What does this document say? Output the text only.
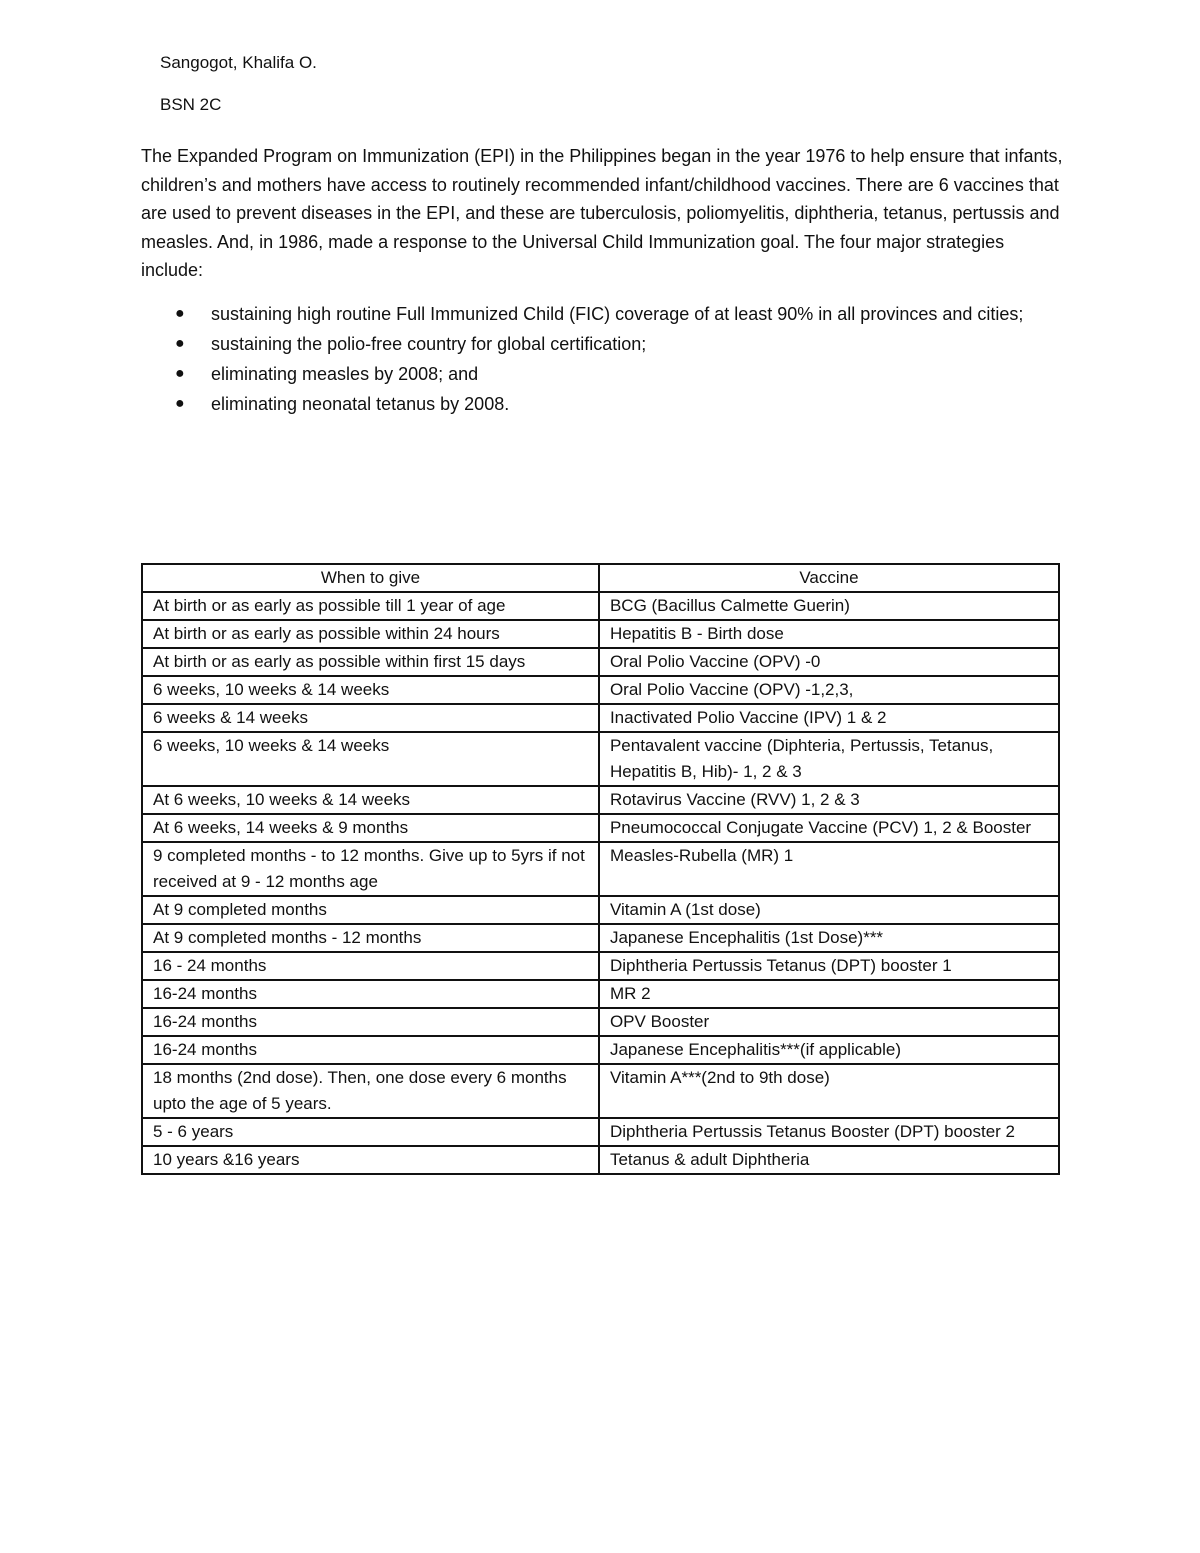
Sangogot, Khalifa O.

BSN 2C

The Expanded Program on Immunization (EPI) in the Philippines began in the year 1976 to help ensure that infants, children’s and mothers have access to routinely recommended infant/childhood vaccines. There are 6 vaccines that are used to prevent diseases in the EPI, and these are tuberculosis, poliomyelitis, diphtheria, tetanus, pertussis and measles. And, in 1986, made a response to the Universal Child Immunization goal. The four major strategies include:

● sustaining high routine Full Immunized Child (FIC) coverage of at least 90% in all provinces and cities;
● sustaining the polio-free country for global certification;
● eliminating measles by 2008; and
● eliminating neonatal tetanus by 2008.
When to give	Vaccine
At birth or as early as possible till 1 year of age	BCG (Bacillus Calmette Guerin)
At birth or as early as possible within 24 hours	Hepatitis B - Birth dose
At birth or as early as possible within first 15 days	Oral Polio Vaccine (OPV) -0
6 weeks, 10 weeks & 14 weeks	Oral Polio Vaccine (OPV) -1,2,3,
6 weeks & 14 weeks	Inactivated Polio Vaccine (IPV) 1 & 2
6 weeks, 10 weeks & 14 weeks	Pentavalent vaccine (Diphteria, Pertussis, Tetanus, Hepatitis B, Hib)- 1, 2 & 3
At 6 weeks, 10 weeks & 14 weeks	Rotavirus Vaccine (RVV) 1, 2 & 3
At 6 weeks, 14 weeks & 9 months	Pneumococcal Conjugate Vaccine (PCV) 1, 2 & Booster
9 completed months - to 12 months. Give up to 5yrs if not received at 9 - 12 months age	Measles-Rubella (MR) 1
At 9 completed months	Vitamin A (1st dose)
At 9 completed months - 12 months	Japanese Encephalitis (1st Dose)***
16 - 24 months	Diphtheria Pertussis Tetanus (DPT) booster 1
16-24 months	MR 2
16-24 months	OPV Booster
16-24 months	Japanese Encephalitis***(if applicable)
18 months (2nd dose). Then, one dose every 6 months upto the age of 5 years.	Vitamin A***(2nd to 9th dose)
5 - 6 years	Diphtheria Pertussis Tetanus Booster (DPT) booster 2
10 years &16 years	Tetanus & adult Diphtheria
